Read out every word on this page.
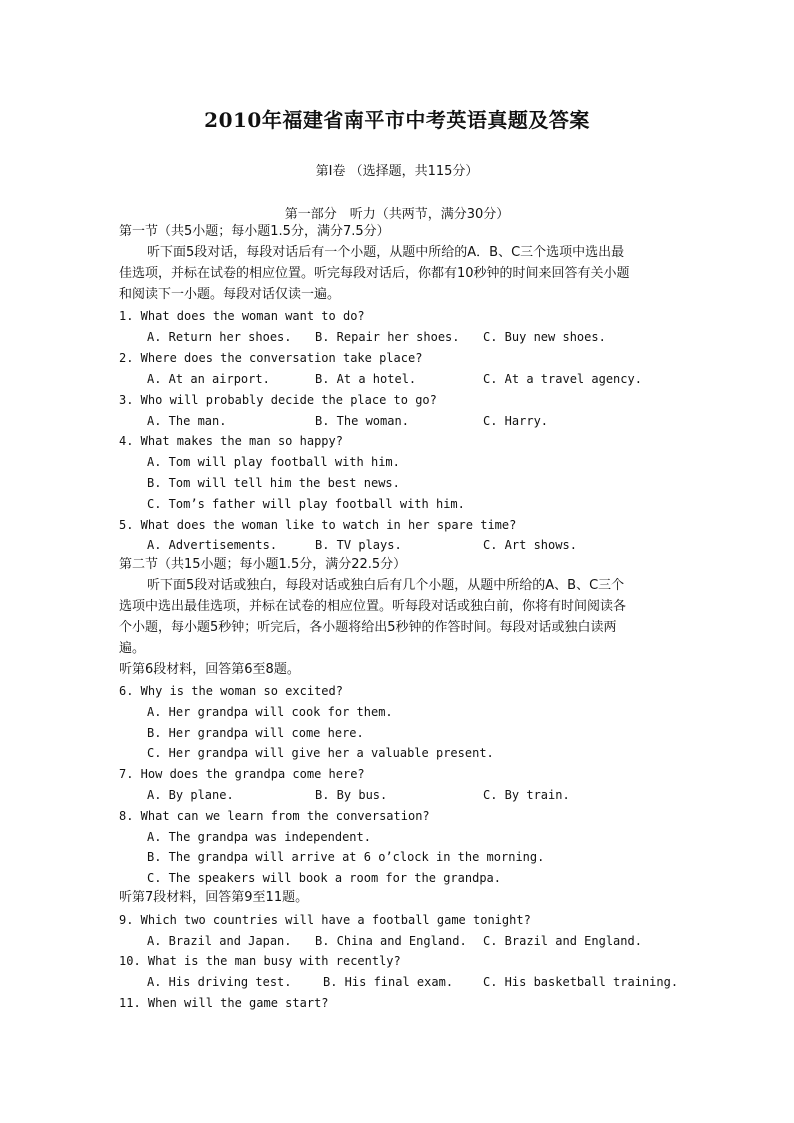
2010年福建省南平市中考英语真题及答案
第Ⅰ卷 （选择题，共115分）
第一部分　听力（共两节，满分30分）
第一节（共5小题；每小题1.5分，满分7.5分）
听下面5段对话，每段对话后有一个小题，从题中所给的A．B、C三个选项中选出最
佳选项，并标在试卷的相应位置。听完每段对话后，你都有10秒钟的时间来回答有关小题
和阅读下一小题。每段对话仅读一遍。
1. What does the woman want to do?
A. Return her shoes. B. Repair her shoes. C. Buy new shoes.
2. Where does the conversation take place?
A. At an airport.	B. At a hotel.	C. At a travel agency.
3. Who will probably decide the place to go?
A. The man.	B. The woman.	C. Harry.
4. What makes the man so happy?
A. Tom will play football with him.
B. Tom will tell him the best news.
C. Tom’s father will play football with him.
5. What does the woman like to watch in her spare time?
A. Advertisements.	B. TV plays.	C. Art shows.
第二节（共15小题；每小题1.5分，满分22.5分）
听下面5段对话或独白，每段对话或独白后有几个小题，从题中所给的A、B、C三个
选项中选出最佳选项，并标在试卷的相应位置。听每段对话或独白前，你将有时间阅读各
个小题，每小题5秒钟；听完后，各小题将给出5秒钟的作答时间。每段对话或独白读两
遍。
听第6段材料，回答第6至8题。
6. Why is the woman so excited?
A. Her grandpa will cook for them.
B. Her grandpa will come here.
C. Her grandpa will give her a valuable present.
7. How does the grandpa come here?
A. By plane.	B. By bus.	C. By train.
8. What can we learn from the conversation?
A. The grandpa was independent.
B. The grandpa will arrive at 6 o’clock in the morning.
C. The speakers will book a room for the grandpa.
听第7段材料，回答第9至11题。
9. Which two countries will have a football game tonight?
A. Brazil and Japan. B. China and England. C. Brazil and England.
10. What is the man busy with recently?
A. His driving test.	B. His final exam. C. His basketball training.
11. When will the game start?
